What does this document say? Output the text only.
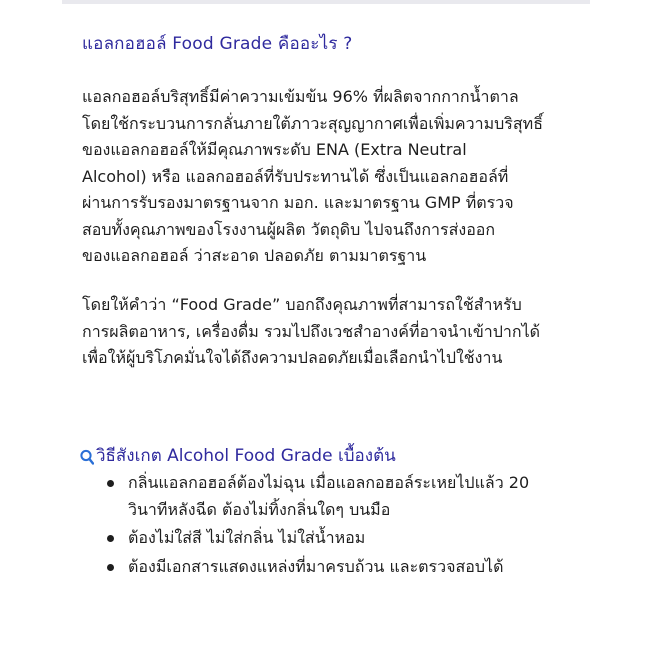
แอลกอฮอล์ Food Grade คืออะไร ?
แอลกอฮอล์บริสุทธิ์มีค่าความเข้มข้น 96% ที่ผลิตจากกากน้ำตาล
โดยใช้กระบวนการกลั่นภายใต้ภาวะสุญญากาศเพื่อเพิ่มความบริสุทธิ์
ของแอลกอฮอล์ให้มีคุณภาพระดับ ENA (Extra Neutral
Alcohol) หรือ แอลกอฮอล์ที่รับประทานได้ ซึ่งเป็นแอลกอฮอล์ที่
ผ่านการรับรองมาตรฐานจาก มอก. และมาตรฐาน GMP ที่ตรวจ
สอบทั้งคุณภาพของโรงงานผู้ผลิต วัตถุดิบ ไปจนถึงการส่งออก
ของแอลกอฮอล์ ว่าสะอาด ปลอดภัย ตามมาตรฐาน
โดยให้คำว่า “Food Grade” บอกถึงคุณภาพที่สามารถใช้สำหรับ
การผลิตอาหาร, เครื่องดื่ม รวมไปถึงเวชสำอางค์ที่อาจนำเข้าปากได้
เพื่อให้ผู้บริโภคมั่นใจได้ถึงความปลอดภัยเมื่อเลือกนำไปใช้งาน
วิธีสังเกต Alcohol Food Grade เบื้องต้น
กลิ่นแอลกอฮอล์ต้องไม่ฉุน เมื่อแอลกอฮอล์ระเหยไปแล้ว 20
วินาทีหลังฉีด ต้องไม่ทิ้งกลิ่นใดๆ บนมือ
ต้องไม่ใส่สี ไม่ใส่กลิ่น ไม่ใส่น้ำหอม
ต้องมีเอกสารแสดงแหล่งที่มาครบถ้วน และตรวจสอบได้
